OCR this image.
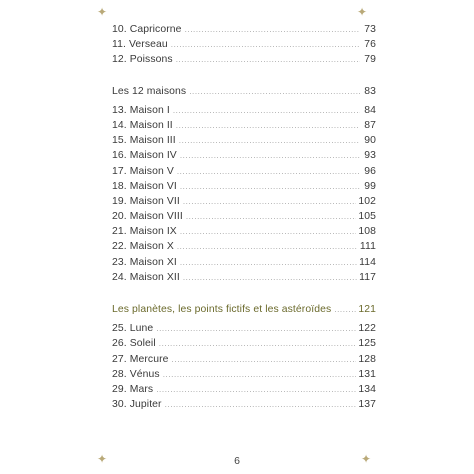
✦	✦
✦	✦
10. Capricorne .....	73
11. Verseau .....	76
12. Poissons .....	79
Les 12 maisons .....	83
13. Maison I .....	84
14. Maison II .....	87
15. Maison III .....	90
16. Maison IV .....	93
17. Maison V .....	96
18. Maison VI .....	99
19. Maison VII .....	102
20. Maison VIII .....	105
21. Maison IX .....	108
22. Maison X .....	111
23. Maison XI .....	114
24. Maison XII .....	117
Les planètes, les points fictifs et les astéroïdes .....	121
25. Lune .....	122
26. Soleil .....	125
27. Mercure .....	128
28. Vénus .....	131
29. Mars .....	134
30. Jupiter .....	137
6
